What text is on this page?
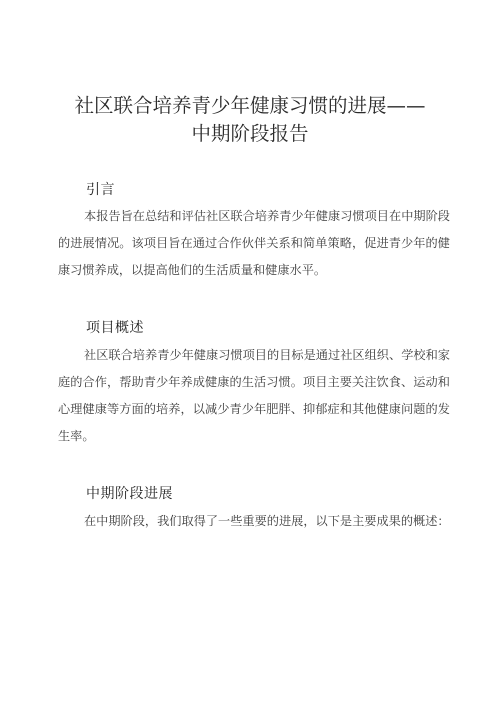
社区联合培养青少年健康习惯的进展——
中期阶段报告
引言

本报告旨在总结和评估社区联合培养青少年健康习惯项目在中期阶段的进展情况。该项目旨在通过合作伙伴关系和简单策略，促进青少年的健康习惯养成，以提高他们的生活质量和健康水平。

项目概述

社区联合培养青少年健康习惯项目的目标是通过社区组织、学校和家庭的合作，帮助青少年养成健康的生活习惯。项目主要关注饮食、运动和心理健康等方面的培养，以减少青少年肥胖、抑郁症和其他健康问题的发生率。

中期阶段进展

在中期阶段，我们取得了一些重要的进展，以下是主要成果的概述：
